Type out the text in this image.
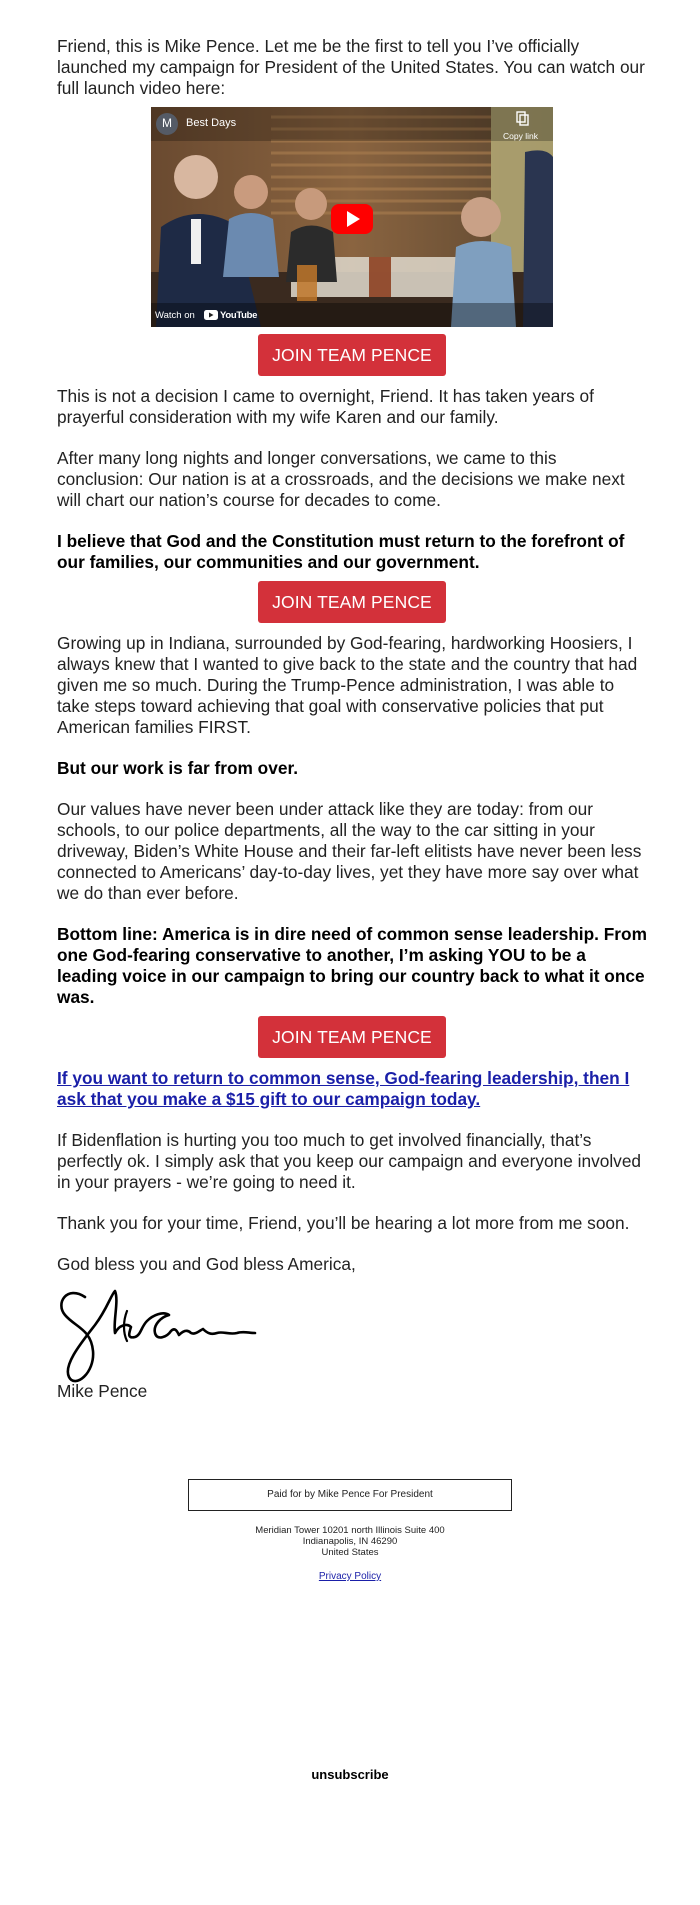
Friend, this is Mike Pence. Let me be the first to tell you I’ve officially launched my campaign for President of the United States. You can watch our full launch video here:

M Best Days
Copy link
Watch on	YouTube
JOIN TEAM PENCE

This is not a decision I came to overnight, Friend. It has taken years of prayerful consideration with my wife Karen and our family.

After many long nights and longer conversations, we came to this conclusion: Our nation is at a crossroads, and the decisions we make next will chart our nation’s course for decades to come.

I believe that God and the Constitution must return to the forefront of our families, our communities and our government.

JOIN TEAM PENCE

Growing up in Indiana, surrounded by God-fearing, hardworking Hoosiers, I always knew that I wanted to give back to the state and the country that had given me so much. During the Trump-Pence administration, I was able to take steps toward achieving that goal with conservative policies that put American families FIRST.

But our work is far from over.

Our values have never been under attack like they are today: from our schools, to our police departments, all the way to the car sitting in your driveway, Biden’s White House and their far-left elitists have never been less connected to Americans’ day-to-day lives, yet they have more say over what we do than ever before.

Bottom line: America is in dire need of common sense leadership. From one God-fearing conservative to another, I’m asking YOU to be a leading voice in our campaign to bring our country back to what it once was.

JOIN TEAM PENCE

If you want to return to common sense, God-fearing leadership, then I ask that you make a $15 gift to our campaign today.

If Bidenflation is hurting you too much to get involved financially, that’s perfectly ok. I simply ask that you keep our campaign and everyone involved in your prayers - we’re going to need it.

Thank you for your time, Friend, you’ll be hearing a lot more from me soon.

God bless you and God bless America,

Mike Pence

Paid for by Mike Pence For President
Meridian Tower 10201 north Illinois Suite 400
Indianapolis, IN 46290
United States
Privacy Policy
unsubscribe
